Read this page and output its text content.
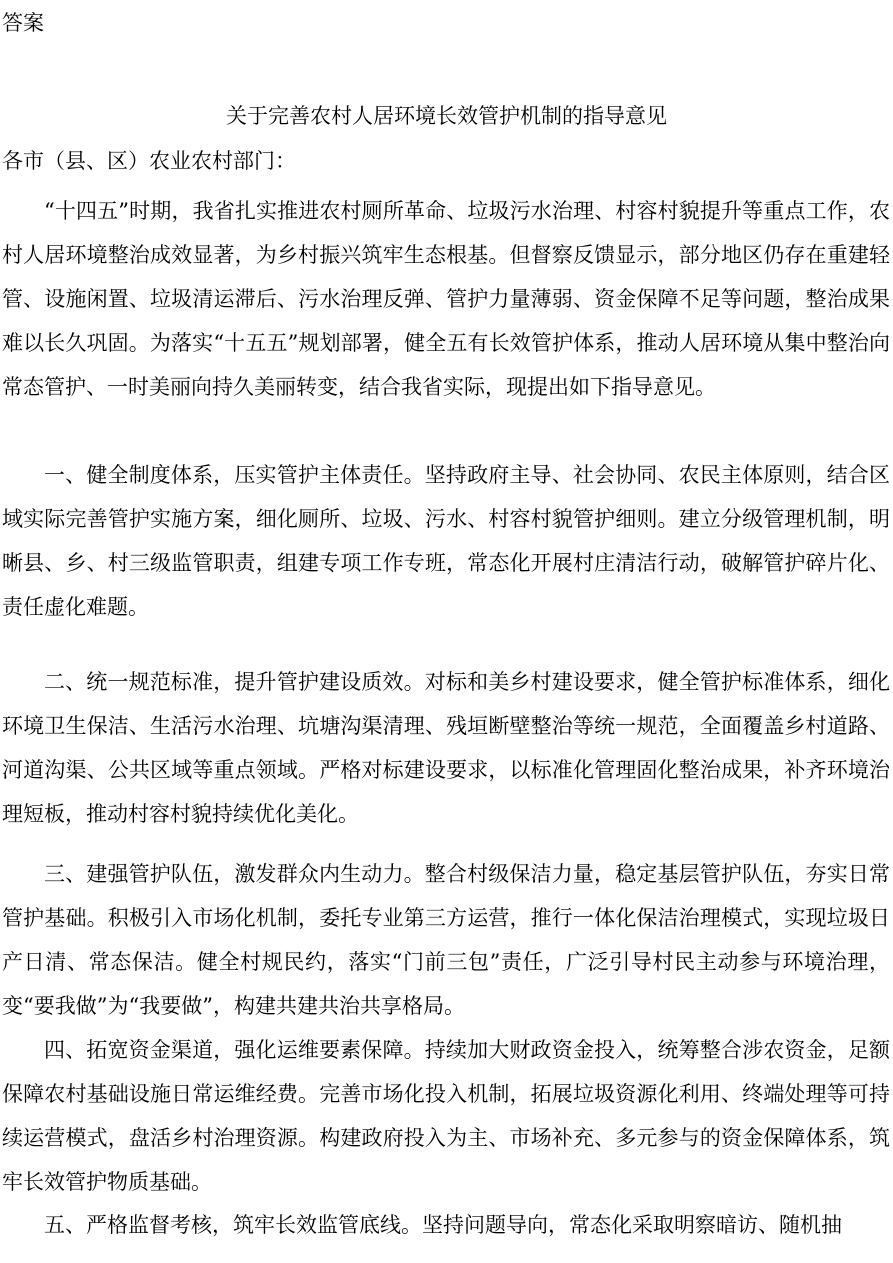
答案

关于完善农村人居环境长效管护机制的指导意见

各市（县、区）农业农村部门：

“十四五”时期，我省扎实推进农村厕所革命、垃圾污水治理、村容村貌提升等重点工作，农村人居环境整治成效显著，为乡村振兴筑牢生态根基。但督察反馈显示，部分地区仍存在重建轻管、设施闲置、垃圾清运滞后、污水治理反弹、管护力量薄弱、资金保障不足等问题，整治成果难以长久巩固。为落实“十五五”规划部署，健全五有长效管护体系，推动人居环境从集中整治向常态管护、一时美丽向持久美丽转变，结合我省实际，现提出如下指导意见。

一、健全制度体系，压实管护主体责任。坚持政府主导、社会协同、农民主体原则，结合区域实际完善管护实施方案，细化厕所、垃圾、污水、村容村貌管护细则。建立分级管理机制，明晰县、乡、村三级监管职责，组建专项工作专班，常态化开展村庄清洁行动，破解管护碎片化、责任虚化难题。

二、统一规范标准，提升管护建设质效。对标和美乡村建设要求，健全管护标准体系，细化环境卫生保洁、生活污水治理、坑塘沟渠清理、残垣断壁整治等统一规范，全面覆盖乡村道路、河道沟渠、公共区域等重点领域。严格对标建设要求，以标准化管理固化整治成果，补齐环境治理短板，推动村容村貌持续优化美化。

三、建强管护队伍，激发群众内生动力。整合村级保洁力量，稳定基层管护队伍，夯实日常管护基础。积极引入市场化机制，委托专业第三方运营，推行一体化保洁治理模式，实现垃圾日产日清、常态保洁。健全村规民约，落实“门前三包”责任，广泛引导村民主动参与环境治理，变“要我做”为“我要做”，构建共建共治共享格局。

四、拓宽资金渠道，强化运维要素保障。持续加大财政资金投入，统筹整合涉农资金，足额保障农村基础设施日常运维经费。完善市场化投入机制，拓展垃圾资源化利用、终端处理等可持续运营模式，盘活乡村治理资源。构建政府投入为主、市场补充、多元参与的资金保障体系，筑牢长效管护物质基础。

五、严格监督考核，筑牢长效监管底线。坚持问题导向，常态化采取明察暗访、随机抽
